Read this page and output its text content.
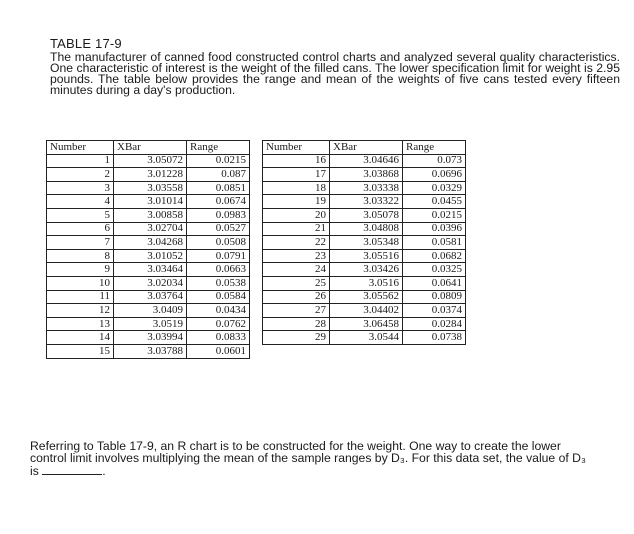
TABLE 17-9
The manufacturer of canned food constructed control charts and analyzed several quality characteristics. One characteristic of interest is the weight of the filled cans. The lower specification limit for weight is 2.95 pounds. The table below provides the range and mean of the weights of five cans tested every fifteen minutes during a day's production.
Number	XBar	Range		Number	XBar	Range
1	3.05072	0.0215		16	3.04646	0.073
2	3.01228	0.087		17	3.03868	0.0696
3	3.03558	0.0851		18	3.03338	0.0329
4	3.01014	0.0674		19	3.03322	0.0455
5	3.00858	0.0983		20	3.05078	0.0215
6	3.02704	0.0527		21	3.04808	0.0396
7	3.04268	0.0508		22	3.05348	0.0581
8	3.01052	0.0791		23	3.05516	0.0682
9	3.03464	0.0663		24	3.03426	0.0325
10	3.02034	0.0538		25	3.0516	0.0641
11	3.03764	0.0584		26	3.05562	0.0809
12	3.0409	0.0434		27	3.04402	0.0374
13	3.0519	0.0762		28	3.06458	0.0284
14	3.03994	0.0833		29	3.0544	0.0738
15	3.03788	0.0601				
Referring to Table 17-9, an R chart is to be constructed for the weight. One way to create the lower control limit involves multiplying the mean of the sample ranges by D₃. For this data set, the value of D₃ is	.
